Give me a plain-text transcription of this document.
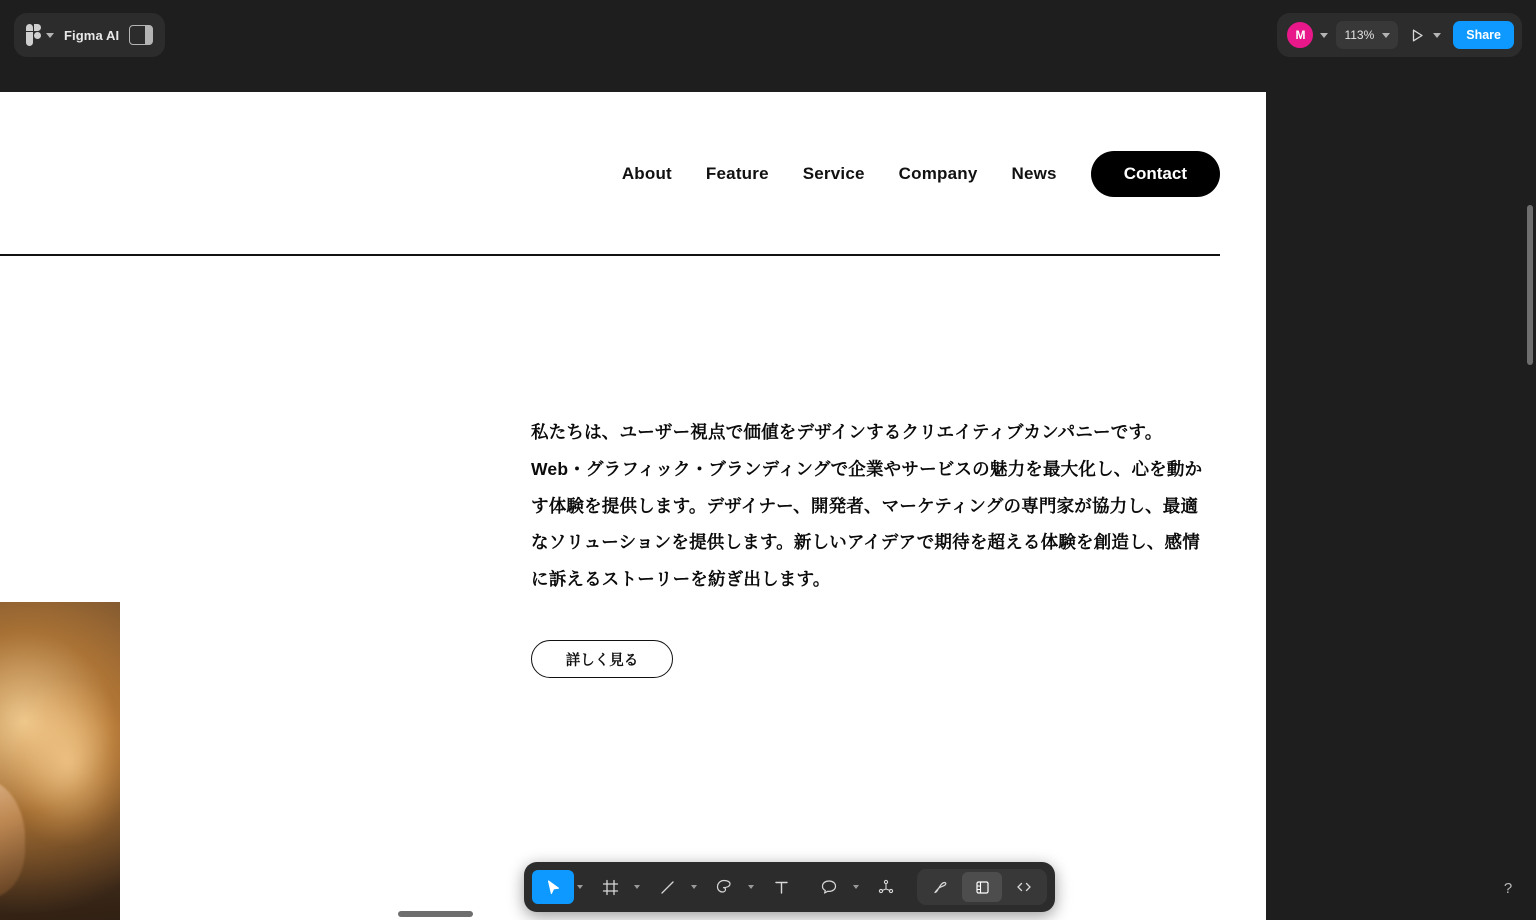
Figma AI	M	113%	Share
About Feature Service Company News	Contact
私たちは、ユーザー視点で価値をデザインするクリエイティブカンパニーです。Web・グラフィック・ブランディングで企業やサービスの魅力を最大化し、心を動かす体験を提供します。デザイナー、開発者、マーケティングの専門家が協力し、最適なソリューションを提供します。新しいアイデアで期待を超える体験を創造し、感情に訴えるストーリーを紡ぎ出します。
詳しく見る
?
